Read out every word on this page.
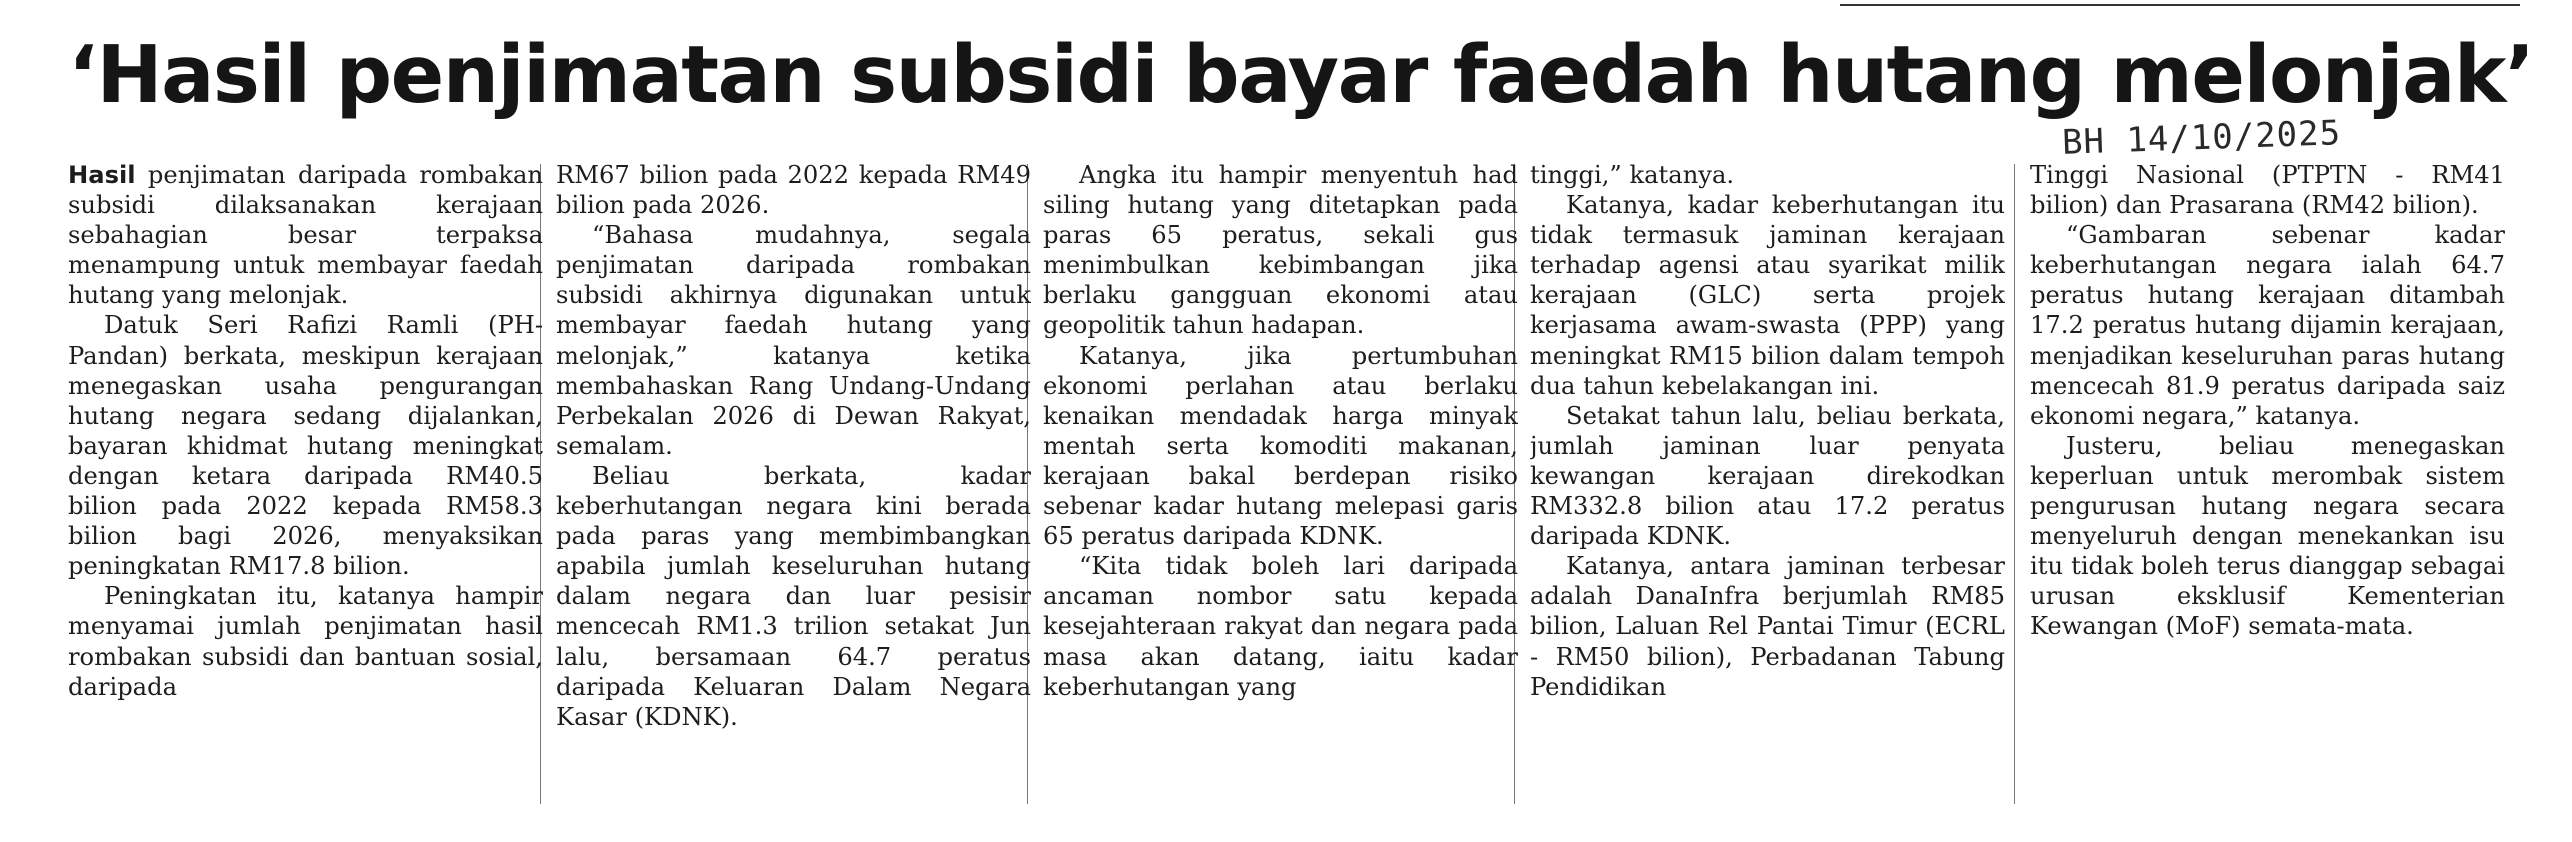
‘Hasil penjimatan subsidi bayar faedah hutang melonjak’
BH 14/10/2025

Hasil penjimatan daripada rombakan subsidi dilaksanakan kerajaan sebahagian besar terpaksa menampung untuk membayar faedah hutang yang melonjak.

Datuk Seri Rafizi Ramli (PH-Pandan) berkata, meskipun kerajaan menegaskan usaha pengurangan hutang negara sedang dijalankan, bayaran khidmat hutang meningkat dengan ketara daripada RM40.5 bilion pada 2022 kepada RM58.3 bilion bagi 2026, menyaksikan peningkatan RM17.8 bilion.

Peningkatan itu, katanya hampir menyamai jumlah penjimatan hasil rombakan subsidi dan bantuan sosial, daripada

RM67 bilion pada 2022 kepada RM49 bilion pada 2026.

“Bahasa mudahnya, segala penjimatan daripada rombakan subsidi akhirnya digunakan untuk membayar faedah hutang yang melonjak,” katanya ketika membahaskan Rang Undang-Undang Perbekalan 2026 di Dewan Rakyat, semalam.

Beliau berkata, kadar keberhutangan negara kini berada pada paras yang membimbangkan apabila jumlah keseluruhan hutang dalam negara dan luar pesisir mencecah RM1.3 trilion setakat Jun lalu, bersamaan 64.7 peratus daripada Keluaran Dalam Negara Kasar (KDNK).

Angka itu hampir menyentuh had siling hutang yang ditetapkan pada paras 65 peratus, sekali gus menimbulkan kebimbangan jika berlaku gangguan ekonomi atau geopolitik tahun hadapan.

Katanya, jika pertumbuhan ekonomi perlahan atau berlaku kenaikan mendadak harga minyak mentah serta komoditi makanan, kerajaan bakal berdepan risiko sebenar kadar hutang melepasi garis 65 peratus daripada KDNK.

“Kita tidak boleh lari daripada ancaman nombor satu kepada kesejahteraan rakyat dan negara pada masa akan datang, iaitu kadar keberhutangan yang

tinggi,” katanya.

Katanya, kadar keberhutangan itu tidak termasuk jaminan kerajaan terhadap agensi atau syarikat milik kerajaan (GLC) serta projek kerjasama awam-swasta (PPP) yang meningkat RM15 bilion dalam tempoh dua tahun kebelakangan ini.

Setakat tahun lalu, beliau berkata, jumlah jaminan luar penyata kewangan kerajaan direkodkan RM332.8 bilion atau 17.2 peratus daripada KDNK.

Katanya, antara jaminan terbesar adalah DanaInfra berjumlah RM85 bilion, Laluan Rel Pantai Timur (ECRL - RM50 bilion), Perbadanan Tabung Pendidikan

Tinggi Nasional (PTPTN - RM41 bilion) dan Prasarana (RM42 bilion).

“Gambaran sebenar kadar keberhutangan negara ialah 64.7 peratus hutang kerajaan ditambah 17.2 peratus hutang dijamin kerajaan, menjadikan keseluruhan paras hutang mencecah 81.9 peratus daripada saiz ekonomi negara,” katanya.

Justeru, beliau menegaskan keperluan untuk merombak sistem pengurusan hutang negara secara menyeluruh dengan menekankan isu itu tidak boleh terus dianggap sebagai urusan eksklusif Kementerian Kewangan (MoF) semata-mata.
